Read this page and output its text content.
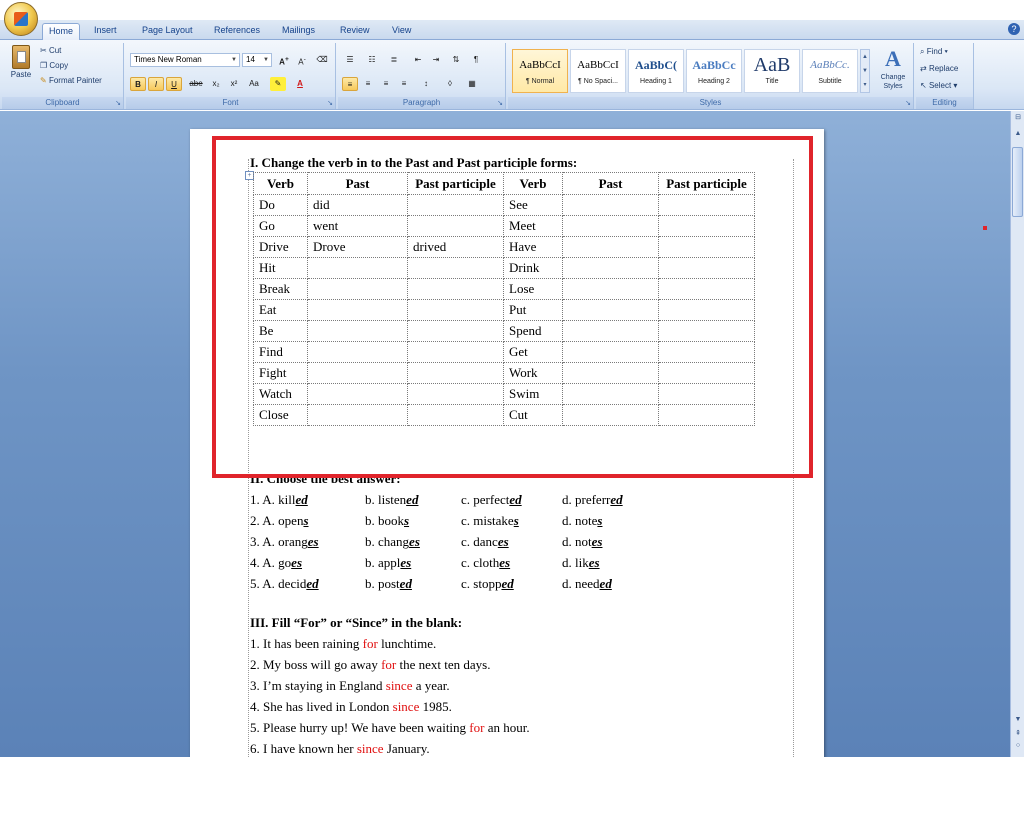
Home	Insert	Page Layout	References	Mailings	Review	View	?
Paste
✂ Cut
❐ Copy
✎ Format Painter
Clipboard	↘
Times New Roman	▼	14 ▼	A+	A-	⌫
B	I	U	abe	x₂	x²	Aa	✎	A
Font	↘
☰	☷	≣	⇤	⇥	⇅	¶
≡	≡	≡	≡	↕	◊	▦
Paragraph	↘
AaBbCcI
¶ Normal
AaBbCcI
¶ No Spaci...
AaBbC(
Heading 1
AaBbCc
Heading 2
AaB
Title
AaBbCc.
Subtitle
▲
▼
▾
A
Change Styles
Styles	↘
⌕ Find ▾
⇄ Replace
↖ Select ▾
Editing
I. Change the verb in to the Past and Past participle forms:
+
Verb	Past	Past participle	Verb	Past	Past participle
Do	did		See		
Go	went		Meet		
Drive	Drove	drived	Have		
Hit			Drink		
Break			Lose		
Eat			Put		
Be			Spend		
Find			Get		
Fight			Work		
Watch			Swim		
Close			Cut		
II. Choose the best answer:
1. A. killed	b. listened	c. perfected	d. preferred
2. A. opens	b. books	c. mistakes	d. notes
3. A. oranges	b. changes	c. dances	d. notes
4. A. goes	b. apples	c. clothes	d. likes
5. A. decided	b. posted	c. stopped	d. needed
III. Fill “For” or “Since” in the blank:
1. It has been raining for lunchtime.
2. My boss will go away for the next ten days.
3. I’m staying in England since a year.
4. She has lived in London since 1985.
5. Please hurry up! We have been waiting for an hour.
6. I have known her since January.
⊟
▲
▼
⇞
○
